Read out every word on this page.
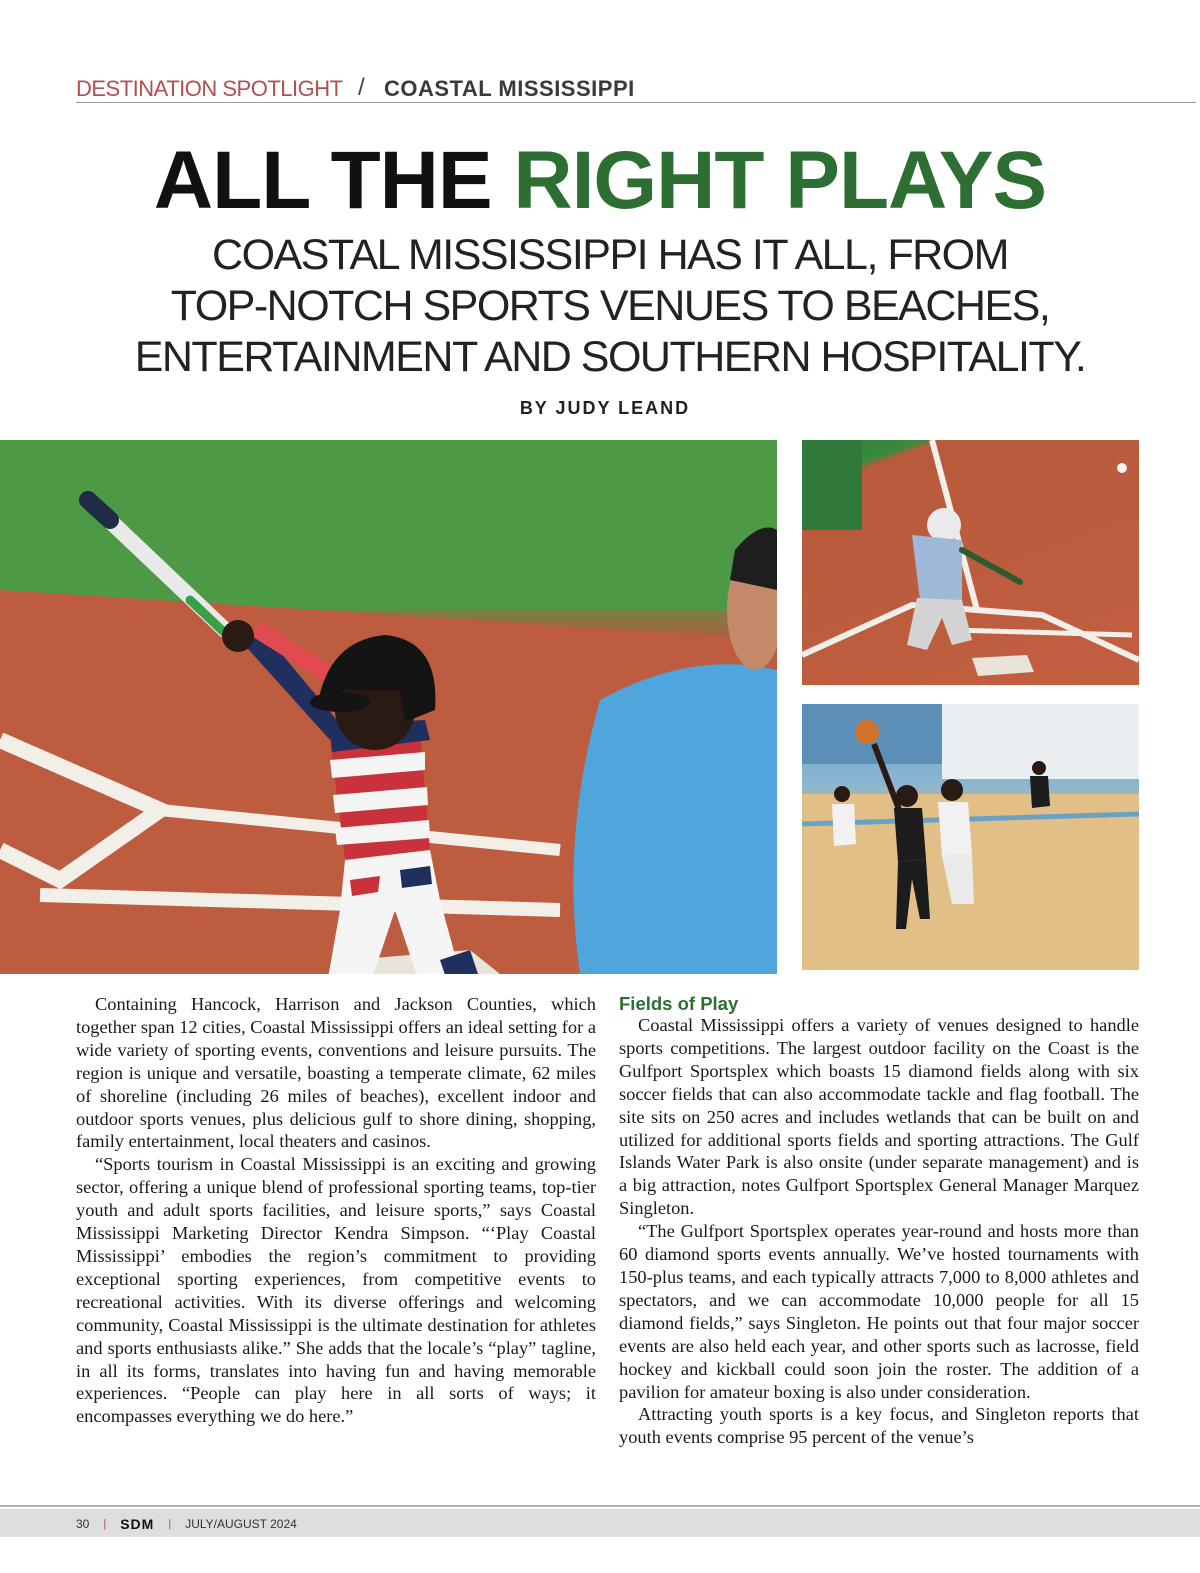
DESTINATION SPOTLIGHT / COASTAL MISSISSIPPI
ALL THE RIGHT PLAYS
COASTAL MISSISSIPPI HAS IT ALL, FROM
TOP-NOTCH SPORTS VENUES TO BEACHES,
ENTERTAINMENT AND SOUTHERN HOSPITALITY.
BY JUDY LEAND

Containing Hancock, Harrison and Jackson Counties, which together span 12 cities, Coastal Mississippi offers an ideal setting for a wide variety of sporting events, conventions and leisure pursuits. The region is unique and versatile, boasting a temperate climate, 62 miles of shoreline (including 26 miles of beaches), excellent indoor and outdoor sports venues, plus delicious gulf to shore dining, shopping, family entertainment, local theaters and casinos.

“Sports tourism in Coastal Mississippi is an exciting and growing sector, offering a unique blend of professional sporting teams, top-tier youth and adult sports facilities, and leisure sports,” says Coastal Mississippi Marketing Director Kendra Simpson. “‘Play Coastal Mississippi’ embodies the region’s commitment to providing exceptional sporting experiences, from competitive events to recreational activities. With its diverse offerings and welcoming community, Coastal Mississippi is the ultimate destination for athletes and sports enthusiasts alike.” She adds that the locale’s “play” tagline, in all its forms, translates into having fun and having memorable experiences. “People can play here in all sorts of ways; it encompasses everything we do here.”

Fields of Play

Coastal Mississippi offers a variety of venues designed to handle sports competitions. The largest outdoor facility on the Coast is the Gulfport Sportsplex which boasts 15 diamond fields along with six soccer fields that can also accommodate tackle and flag football. The site sits on 250 acres and includes wetlands that can be built on and utilized for additional sports fields and sporting attractions. The Gulf Islands Water Park is also onsite (under separate management) and is a big attraction, notes Gulfport Sportsplex General Manager Marquez Singleton.

“The Gulfport Sportsplex operates year-round and hosts more than 60 diamond sports events annually. We’ve hosted tournaments with 150-plus teams, and each typically attracts 7,000 to 8,000 athletes and spectators, and we can accommodate 10,000 people for all 15 diamond fields,” says Singleton. He points out that four major soccer events are also held each year, and other sports such as lacrosse, field hockey and kickball could soon join the roster. The addition of a pavilion for amateur boxing is also under consideration.

Attracting youth sports is a key focus, and Singleton reports that youth events comprise 95 percent of the venue’s

30 | SDM | JULY/AUGUST 2024
